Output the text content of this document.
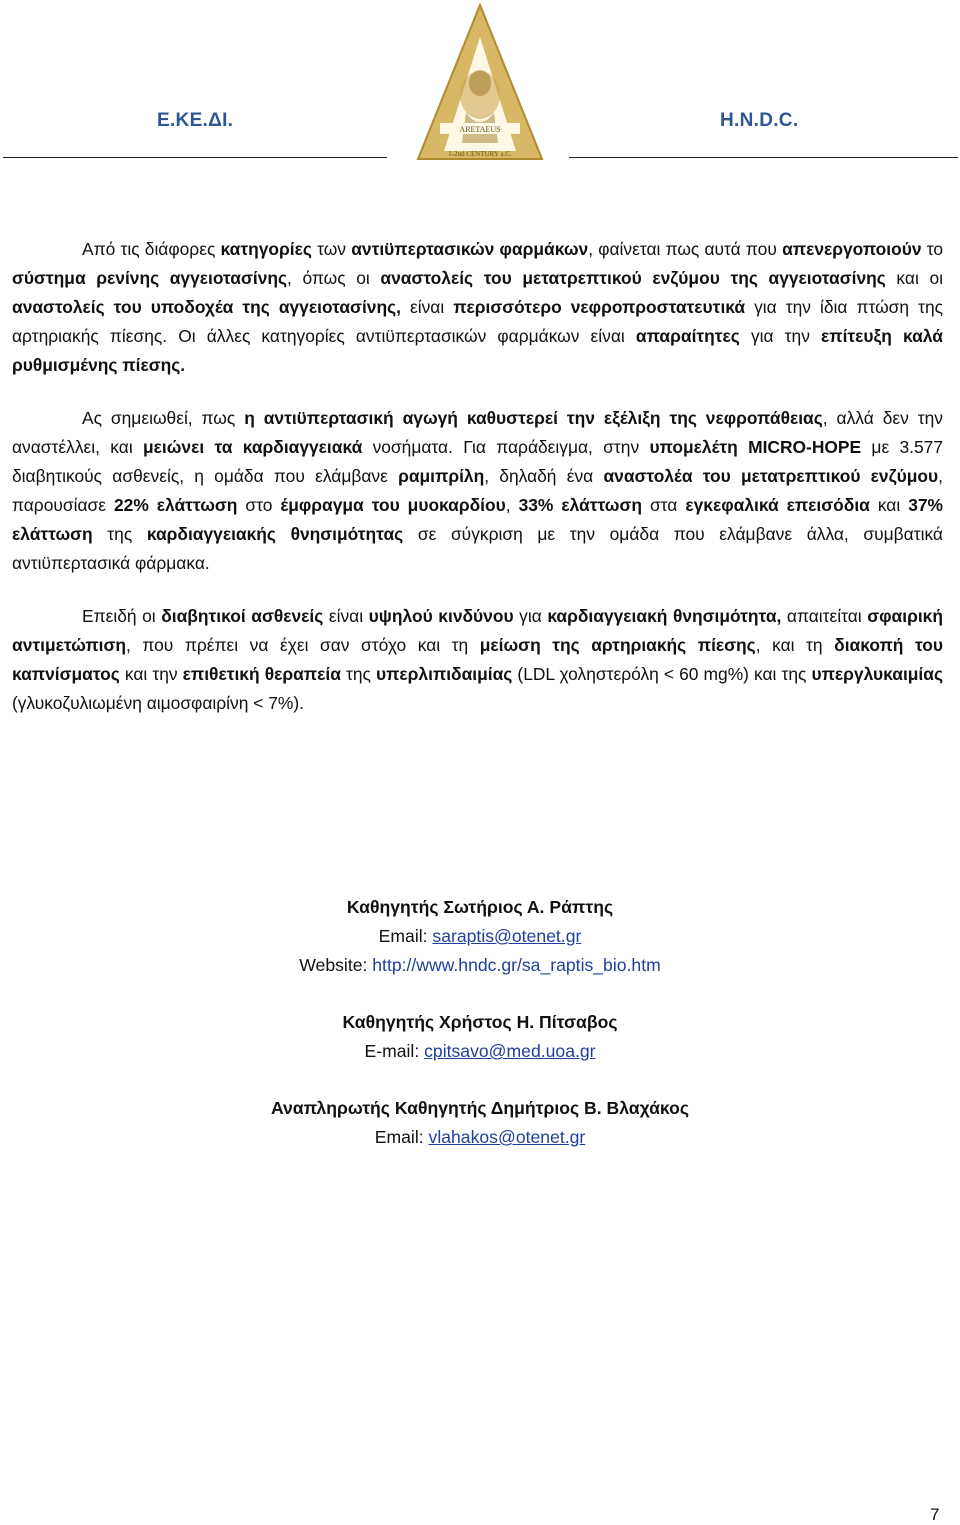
Ε.ΚΕ.ΔΙ.	H.N.D.C.
ARETAEUS
1-2nd CENTURY a.C.

Από τις διάφορες κατηγορίες των αντιϋπερτασικών φαρμάκων, φαίνεται πως αυτά που απενεργοποιούν το σύστημα ρενίνης αγγειοτασίνης, όπως οι αναστολείς του μετατρεπτικού ενζύμου της αγγειοτασίνης και οι αναστολείς του υποδοχέα της αγγειοτασίνης, είναι περισσότερο νεφροπροστατευτικά για την ίδια πτώση της αρτηριακής πίεσης. Οι άλλες κατηγορίες αντιϋπερτασικών φαρμάκων είναι απαραίτητες για την επίτευξη καλά ρυθμισμένης πίεσης.

Ας σημειωθεί, πως η αντιϋπερτασική αγωγή καθυστερεί την εξέλιξη της νεφροπάθειας, αλλά δεν την αναστέλλει, και μειώνει τα καρδιαγγειακά νοσήματα. Για παράδειγμα, στην υπομελέτη MICRO-HOPE με 3.577 διαβητικούς ασθενείς, η ομάδα που ελάμβανε ραμιπρίλη, δηλαδή ένα αναστολέα του μετατρεπτικού ενζύμου, παρουσίασε 22% ελάττωση στο έμφραγμα του μυοκαρδίου, 33% ελάττωση στα εγκεφαλικά επεισόδια και 37% ελάττωση της καρδιαγγειακής θνησιμότητας σε σύγκριση με την ομάδα που ελάμβανε άλλα, συμβατικά αντιϋπερτασικά φάρμακα.

Επειδή οι διαβητικοί ασθενείς είναι υψηλού κινδύνου για καρδιαγγειακή θνησιμότητα, απαιτείται σφαιρική αντιμετώπιση, που πρέπει να έχει σαν στόχο και τη μείωση της αρτηριακής πίεσης, και τη διακοπή του καπνίσματος και την επιθετική θεραπεία της υπερλιπιδαιμίας (LDL χοληστερόλη < 60 mg%) και της υπεργλυκαιμίας (γλυκοζυλιωμένη αιμοσφαιρίνη < 7%).

Καθηγητής Σωτήριος Α. Ράπτης
Email: saraptis@otenet.gr
Website: http://www.hndc.gr/sa_raptis_bio.htm
Καθηγητής Χρήστος Η. Πίτσαβος
E-mail: cpitsavo@med.uoa.gr
Αναπληρωτής Καθηγητής Δημήτριος Β. Βλαχάκος
Email: vlahakos@otenet.gr
7
